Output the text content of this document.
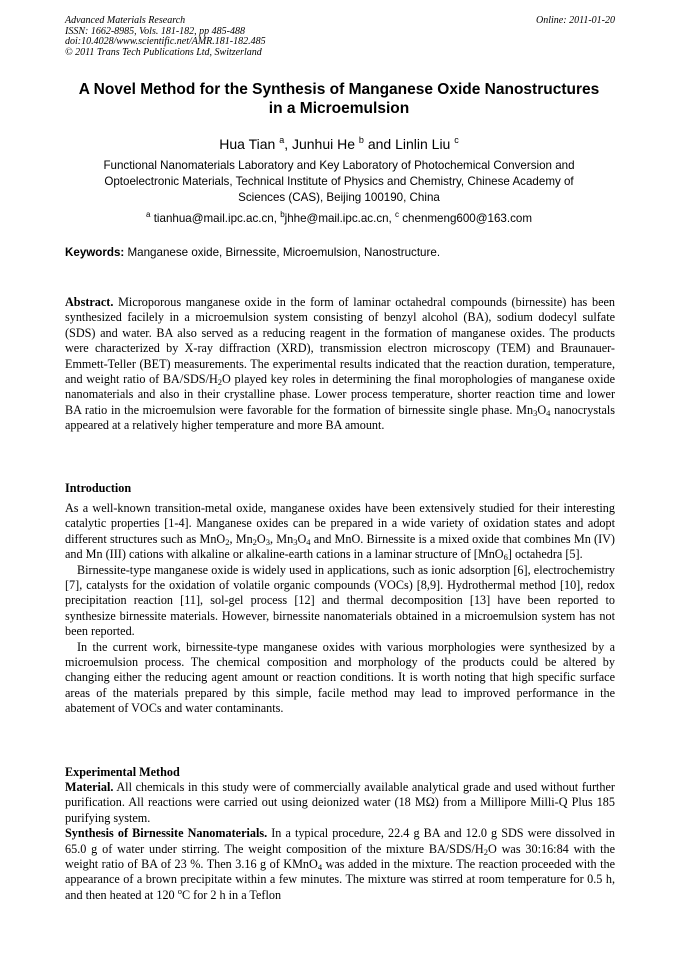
Advanced Materials Research
ISSN: 1662-8985, Vols. 181-182, pp 485-488
doi:10.4028/www.scientific.net/AMR.181-182.485
© 2011 Trans Tech Publications Ltd, Switzerland
Online: 2011-01-20
A Novel Method for the Synthesis of Manganese Oxide Nanostructures
in a Microemulsion
Hua Tian $^a$, Junhui He $^b$ and Linlin Liu $^c$
Functional Nanomaterials Laboratory and Key Laboratory of Photochemical Conversion and
Optoelectronic Materials, Technical Institute of Physics and Chemistry, Chinese Academy of
Sciences (CAS), Beijing 100190, China
$^a$ tianhua@mail.ipc.ac.cn, $^b$jhhe@mail.ipc.ac.cn, $^c$ chenmeng600@163.com
Keywords: Manganese oxide, Birnessite, Microemulsion, Nanostructure.

Abstract. Microporous manganese oxide in the form of laminar octahedral compounds (birnessite) has been synthesized facilely in a microemulsion system consisting of benzyl alcohol (BA), sodium dodecyl sulfate (SDS) and water. BA also served as a reducing reagent in the formation of manganese oxides. The products were characterized by X-ray diffraction (XRD), transmission electron microscopy (TEM) and Braunauer-Emmett-Teller (BET) measurements. The experimental results indicated that the reaction duration, temperature, and weight ratio of $BA/SDS/H_2O$ played key roles in determining the final morophologies of manganese oxide nanomaterials and also in their crystalline phase. Lower process temperature, shorter reaction time and lower BA ratio in the microemulsion were favorable for the formation of birnessite single phase. $Mn_3O_4$ nanocrystals appeared at a relatively higher temperature and more BA amount.

Introduction

As a well-known transition-metal oxide, manganese oxides have been extensively studied for their interesting catalytic properties [1-4]. Manganese oxides can be prepared in a wide variety of oxidation states and adopt different structures such as MnO$_2$, $Mn_2O_3$, $Mn_3O_4$ and MnO. Birnessite is a mixed oxide that combines Mn (IV) and Mn (III) cations with alkaline or alkaline-earth cations in a laminar structure of [MnO$_6$] octahedra [5].

Birnessite-type manganese oxide is widely used in applications, such as ionic adsorption [6], electrochemistry [7], catalysts for the oxidation of volatile organic compounds (VOCs) [8,9]. Hydrothermal method [10], redox precipitation reaction [11], sol-gel process [12] and thermal decomposition [13] have been reported to synthesize birnessite materials. However, birnessite nanomaterials obtained in a microemulsion system has not been reported.

In the current work, birnessite-type manganese oxides with various morphologies were synthesized by a microemulsion process. The chemical composition and morphology of the products could be altered by changing either the reducing agent amount or reaction conditions. It is worth noting that high specific surface areas of the materials prepared by this simple, facile method may lead to improved performance in the abatement of VOCs and water contaminants.

Experimental Method

Material. All chemicals in this study were of commercially available analytical grade and used without further purification. All reactions were carried out using deionized water (18 MΩ) from a Millipore Milli-Q Plus 185 purifying system.

Synthesis of Birnessite Nanomaterials. In a typical procedure, 22.4 g BA and 12.0 g SDS were dissolved in 65.0 g of water under stirring. The weight composition of the mixture $BA/SDS/H_2O$ was 30:16:84 with the weight ratio of BA of 23 %. Then 3.16 g of KMnO$_4$ was added in the mixture. The reaction proceeded with the appearance of a brown precipitate within a few minutes. The mixture was stirred at room temperature for 0.5 h, and then heated at 120 $^o$C for 2 h in a Teflon
